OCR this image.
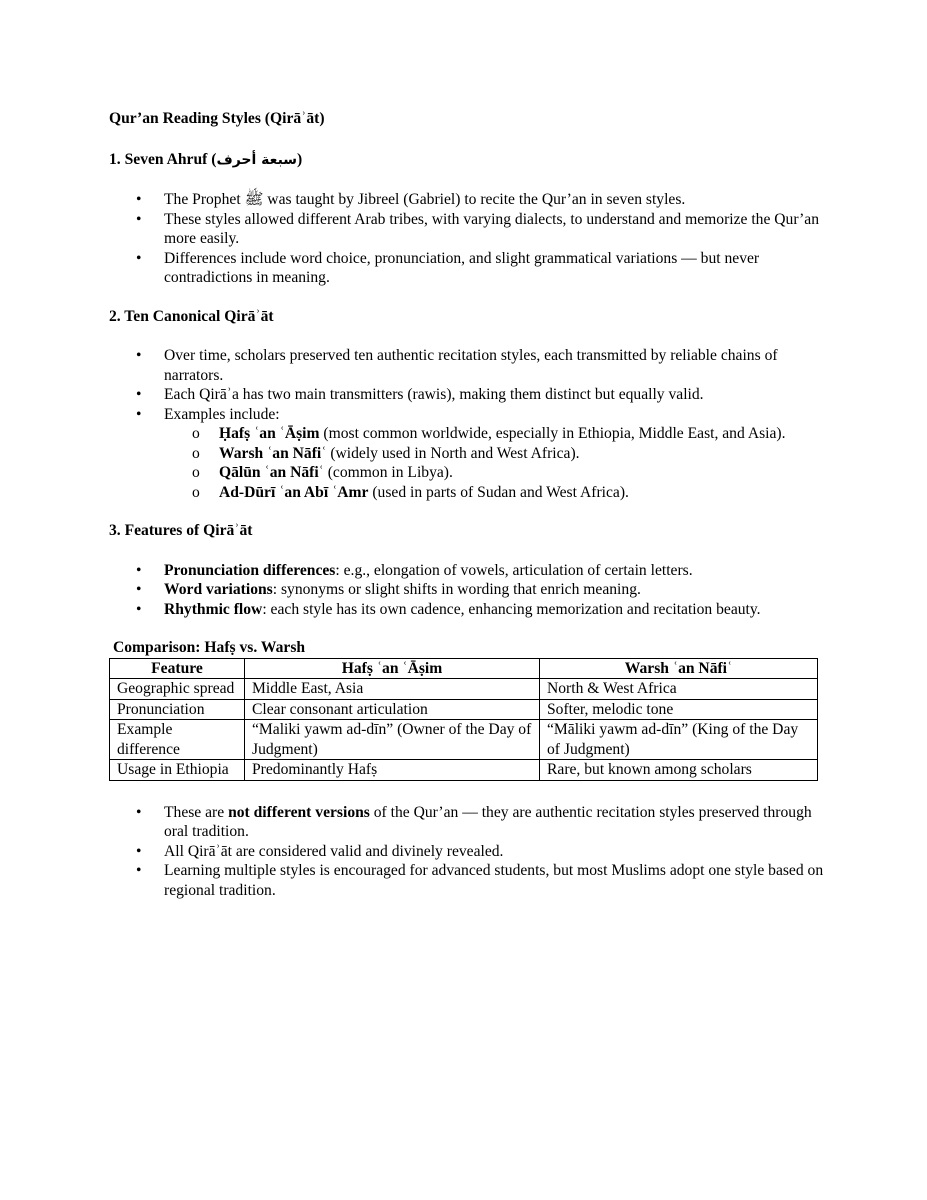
Qur’an Reading Styles (Qirāʾāt)
1. Seven Ahruf (سبعة أحرف)
• The Prophet ﷺ was taught by Jibreel (Gabriel) to recite the Qur’an in seven styles.
• These styles allowed different Arab tribes, with varying dialects, to understand and memorize the Qur’an more easily.
• Differences include word choice, pronunciation, and slight grammatical variations — but never contradictions in meaning.
2. Ten Canonical Qirāʾāt
• Over time, scholars preserved ten authentic recitation styles, each transmitted by reliable chains of narrators.
• Each Qirāʾa has two main transmitters (rawis), making them distinct but equally valid.
• Examples include:
o Ḥafṣ ʿan ʿĀṣim (most common worldwide, especially in Ethiopia, Middle East, and Asia).
o Warsh ʿan Nāfiʿ (widely used in North and West Africa).
o Qālūn ʿan Nāfiʿ (common in Libya).
o Ad-Dūrī ʿan Abī ʿAmr (used in parts of Sudan and West Africa).
3. Features of Qirāʾāt
• Pronunciation differences: e.g., elongation of vowels, articulation of certain letters.
• Word variations: synonyms or slight shifts in wording that enrich meaning.
• Rhythmic flow: each style has its own cadence, enhancing memorization and recitation beauty.
Comparison: Hafṣ vs. Warsh
Feature	Hafṣ ʿan ʿĀṣim	Warsh ʿan Nāfiʿ
Geographic spread	Middle East, Asia	North & West Africa
Pronunciation	Clear consonant articulation	Softer, melodic tone
Example difference	“Maliki yawm ad-dīn” (Owner of the Day of Judgment)	“Māliki yawm ad-dīn” (King of the Day of Judgment)
Usage in Ethiopia	Predominantly Hafṣ	Rare, but known among scholars
• These are not different versions of the Qur’an — they are authentic recitation styles preserved through oral tradition.
• All Qirāʾāt are considered valid and divinely revealed.
• Learning multiple styles is encouraged for advanced students, but most Muslims adopt one style based on regional tradition.
